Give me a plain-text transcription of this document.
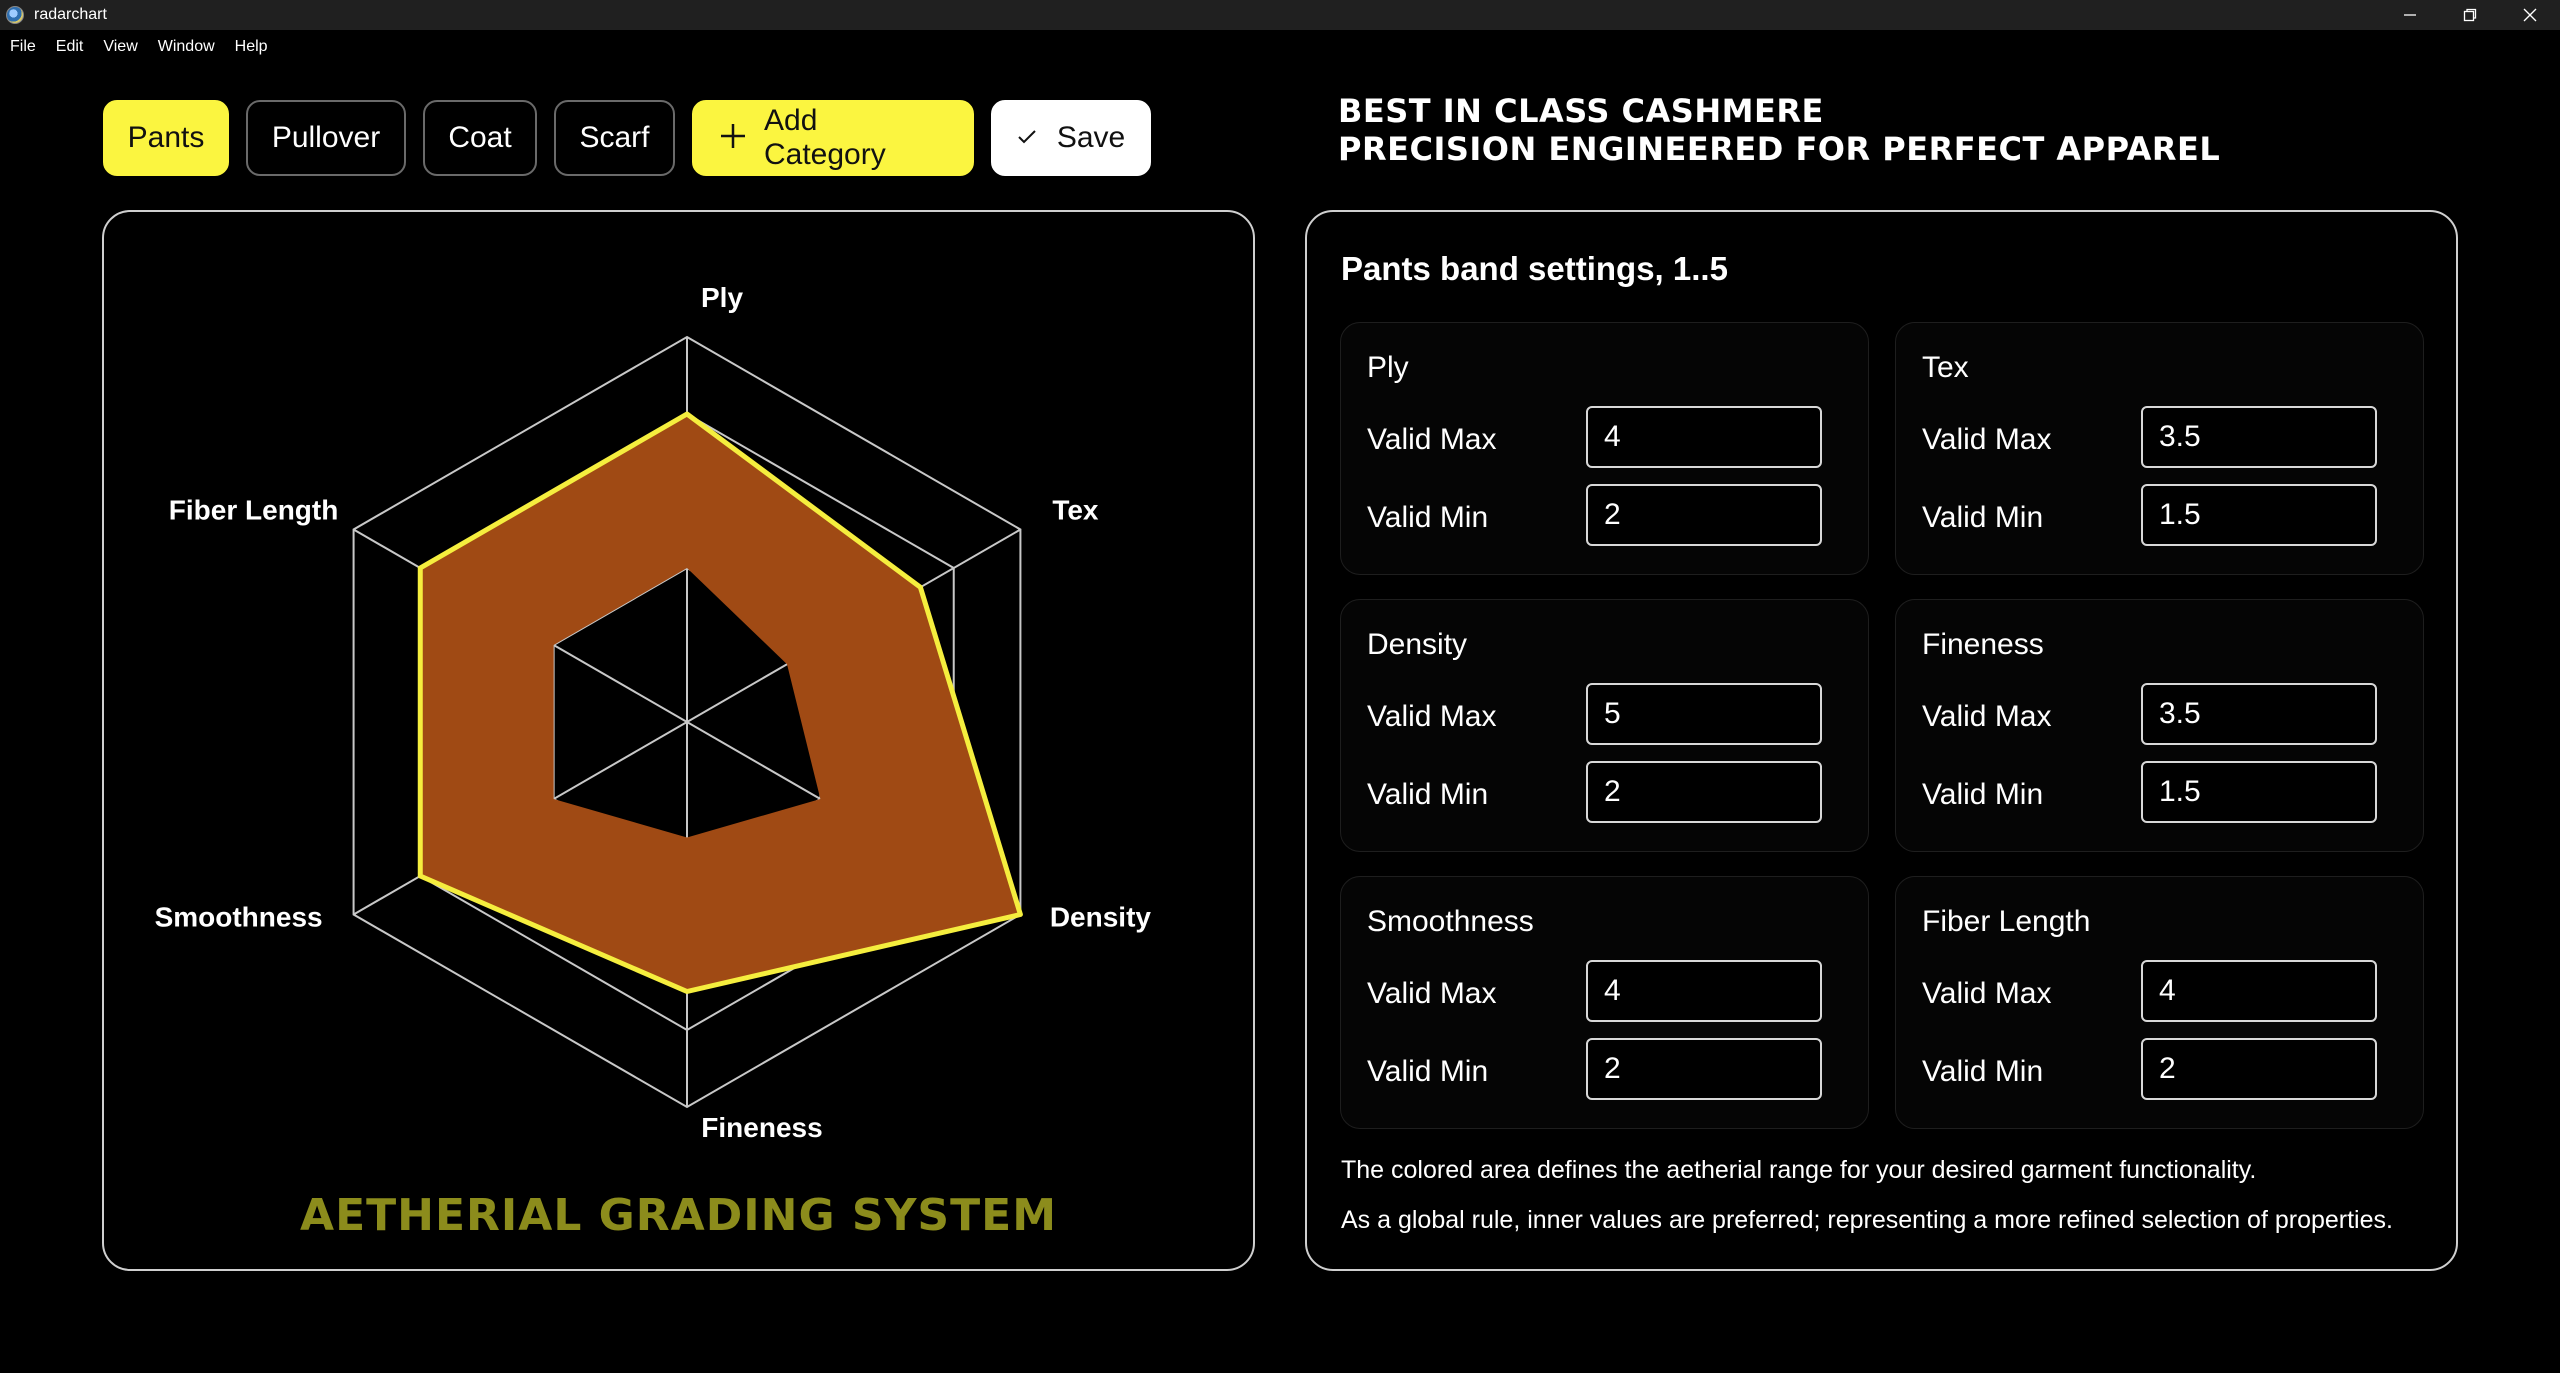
radarchart
File Edit View Window Help
Pants	Pullover	Coat	Scarf
Add Category
Save
BEST IN CLASS CASHMERE
PRECISION ENGINEERED FOR PERFECT APPAREL
Ply
Tex
Density
Fineness
Smoothness
Fiber Length
AETHERIAL GRADING SYSTEM
Pants band settings, 1..5
Ply
Valid Max
4
Valid Min
2
Tex
Valid Max
3.5
Valid Min
1.5
Density
Valid Max
5
Valid Min
2
Fineness
Valid Max
3.5
Valid Min
1.5
Smoothness
Valid Max
4
Valid Min
2
Fiber Length
Valid Max
4
Valid Min
2
The colored area defines the aetherial range for your desired garment functionality.
As a global rule, inner values are preferred; representing a more refined selection of properties.
